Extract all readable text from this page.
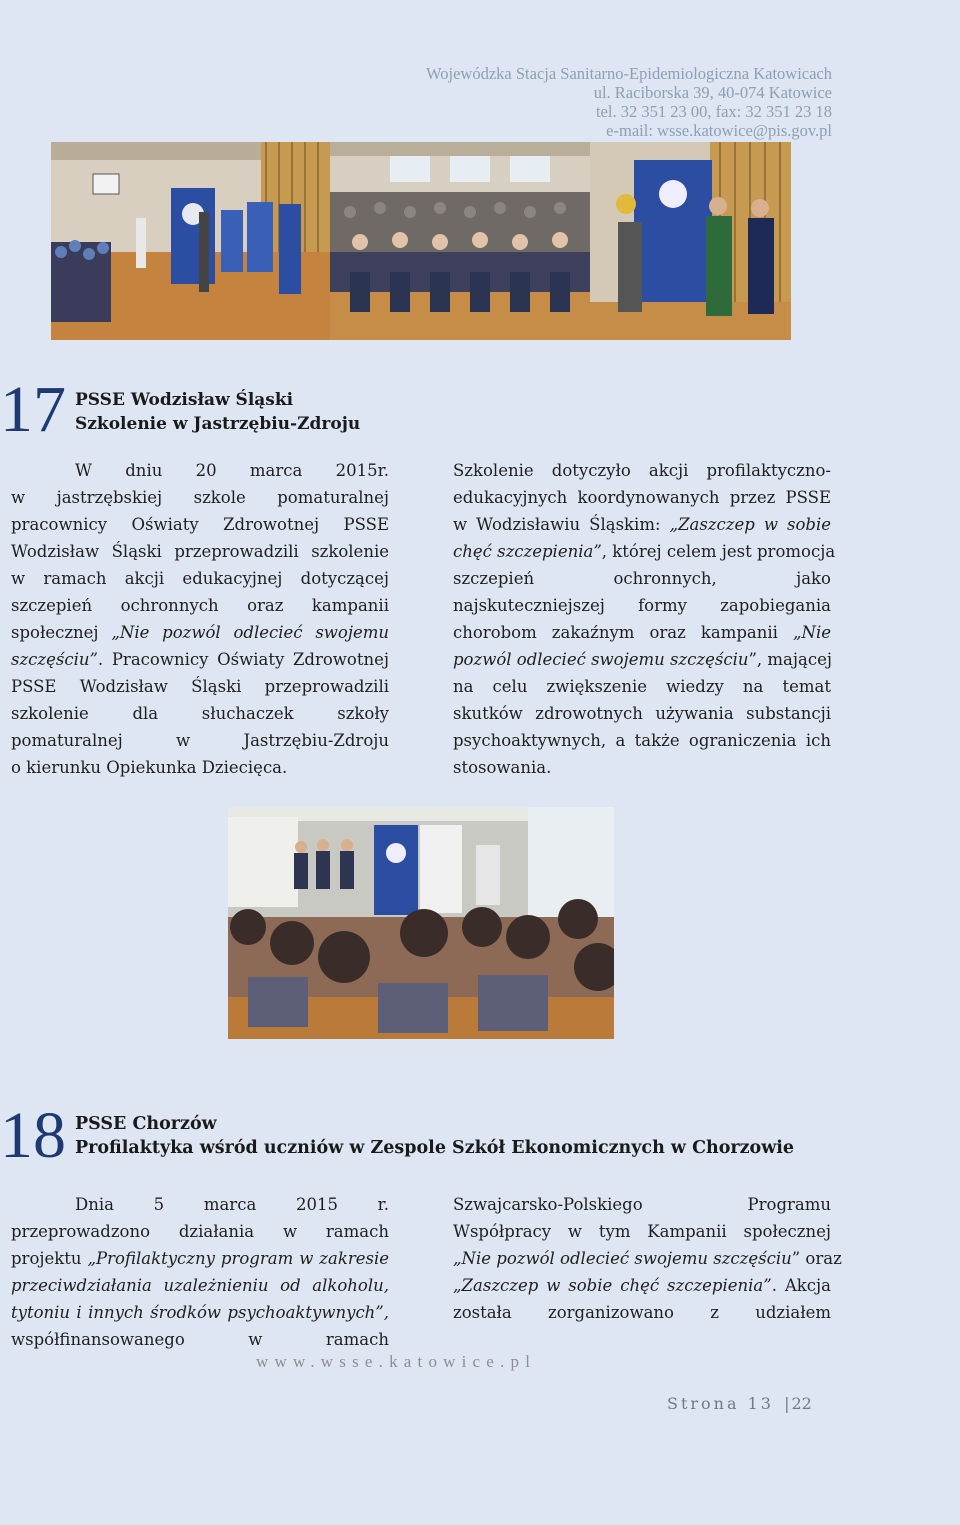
Wojewódzka Stacja Sanitarno-Epidemiologiczna Katowicach
ul. Raciborska 39, 40-074 Katowice
tel. 32 351 23 00, fax: 32 351 23 18
e-mail: wsse.katowice@pis.gov.pl
17 PSSE Wodzisław Śląski
Szkolenie w Jastrzębiu-Zdroju
W dniu 20 marca 2015r.
w jastrzębskiej szkole pomaturalnej
pracownicy Oświaty Zdrowotnej PSSE
Wodzisław Śląski przeprowadzili szkolenie
w ramach akcji edukacyjnej dotyczącej
szczepień ochronnych oraz kampanii
społecznej „Nie pozwól odlecieć swojemu
szczęściu”. Pracownicy Oświaty Zdrowotnej
PSSE Wodzisław Śląski przeprowadzili
szkolenie	dla	słuchaczek	szkoły
pomaturalnej	w	Jastrzębiu-Zdroju
o kierunku Opiekunka Dziecięca.
Szkolenie dotyczyło akcji profilaktyczno-
edukacyjnych koordynowanych przez PSSE
w Wodzisławiu Śląskim: „Zaszczep w sobie
chęć szczepienia”, której celem jest promocja
szczepień	ochronnych,	jako
najskuteczniejszej formy zapobiegania
chorobom zakaźnym oraz kampanii „Nie
pozwól odlecieć swojemu szczęściu”, mającej
na celu zwiększenie wiedzy na temat
skutków zdrowotnych używania substancji
psychoaktywnych, a także ograniczenia ich
stosowania.
18 PSSE Chorzów
Profilaktyka wśród uczniów w Zespole Szkół Ekonomicznych w Chorzowie
Dnia 5 marca 2015 r.
przeprowadzono działania w ramach
projektu „Profilaktyczny program w zakresie
przeciwdziałania uzależnieniu od alkoholu,
tytoniu i innych środków psychoaktywnych”,
współfinansowanego	w	ramach
Szwajcarsko-Polskiego	Programu
Współpracy w tym Kampanii społecznej
„Nie pozwól odlecieć swojemu szczęściu” oraz
„Zaszczep w sobie chęć szczepienia”. Akcja
została zorganizowano z udziałem
www.wsse.katowice.pl
Strona 13 | 22
